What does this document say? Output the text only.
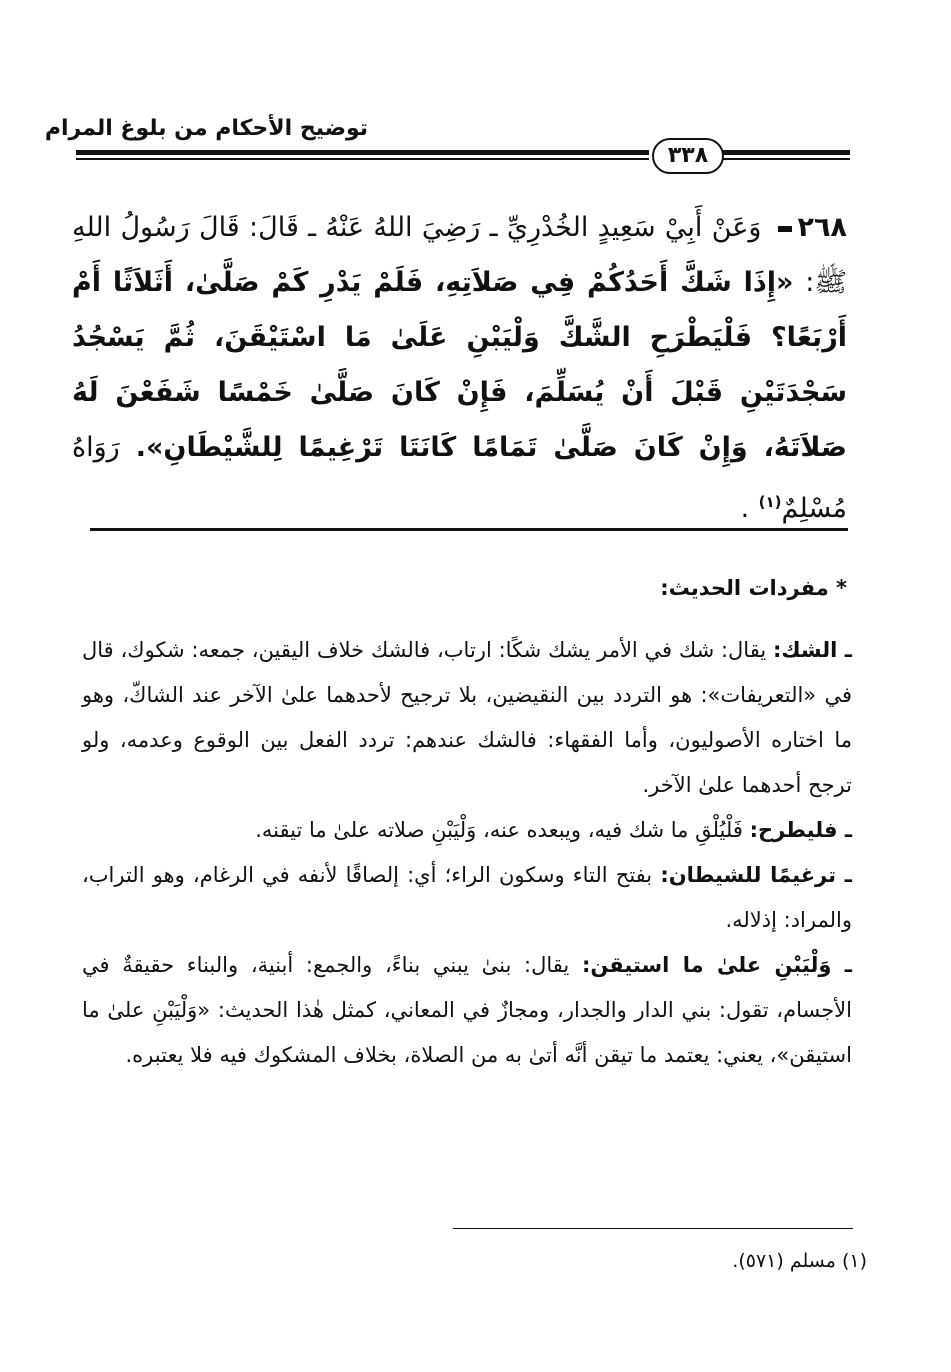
توضيح الأحكام من بلوغ المرام
٣٣٨
٢٦٨ وَعَنْ أَبِيْ سَعِيدٍ الخُدْرِيِّ ـ رَضِيَ اللهُ عَنْهُ ـ قَالَ: قَالَ رَسُولُ اللهِ ﷺ: «إِذَا شَكَّ أَحَدُكُمْ فِي صَلاَتِهِ، فَلَمْ يَدْرِ كَمْ صَلَّىٰ، أَثَلاَثًا أَمْ أَرْبَعًا؟ فَلْيَطْرَحِ الشَّكَّ وَلْيَبْنِ عَلَىٰ مَا اسْتَيْقَنَ، ثُمَّ يَسْجُدُ سَجْدَتَيْنِ قَبْلَ أَنْ يُسَلِّمَ، فَإِنْ كَانَ صَلَّىٰ خَمْسًا شَفَعْنَ لَهُ صَلاَتَهُ، وَإِنْ كَانَ صَلَّىٰ تَمَامًا كَانَتَا تَرْغِيمًا لِلشَّيْطَانِ». رَوَاهُ مُسْلِمٌ$^{(١)}$ .
* مفردات الحديث:

ـ الشك: يقال: شك في الأمر يشك شكًا: ارتاب، فالشك خلاف اليقين، جمعه: شكوك، قال في «التعريفات»: هو التردد بين النقيضين، بلا ترجيح لأحدهما علىٰ الآخر عند الشاكّ، وهو ما اختاره الأصوليون، وأما الفقهاء: فالشك عندهم: تردد الفعل بين الوقوع وعدمه، ولو ترجح أحدهما علىٰ الآخر.

ـ فليطرح: فَلْيُلْقِ ما شك فيه، ويبعده عنه، وَلْيَبْنِ صلاته علىٰ ما تيقنه.

ـ ترغيمًا للشيطان: بفتح التاء وسكون الراء؛ أي: إلصاقًا لأنفه في الرغام، وهو التراب، والمراد: إذلاله.

ـ وَلْيَبْنِ علىٰ ما استيقن: يقال: بنىٰ يبني بناءً، والجمع: أبنية، والبناء حقيقةٌ في الأجسام، تقول: بني الدار والجدار، ومجازٌ في المعاني، كمثل هٰذا الحديث: «وَلْيَبْنِ علىٰ ما استيقن»، يعني: يعتمد ما تيقن أنَّه أتىٰ به من الصلاة، بخلاف المشكوك فيه فلا يعتبره.

(١) مسلم (٥٧١).
